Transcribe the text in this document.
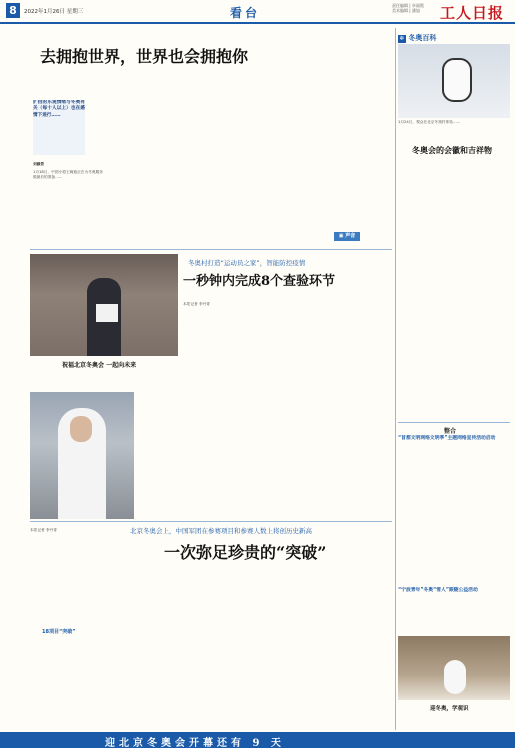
8	2022年1月26日 星期三	看台
责任编辑 | 卓丽霞
美术编辑 | 潘旭 工人日报
去拥抱世界，世界也会拥抱你
扩招的乐观情绪与冬奥有关（每十人以上）也在感情下进行……
刘源依
1月18日，中国小将王婉迪正在为冬奥服务做最后的准备……
▣ 声音
冬奥村打造“运动员之家”，智能防控疫情
一秒钟内完成8个查验环节
祝福北京冬奥会 一起向未来
本报记者 李丹青
北京冬奥会上，中国军团在参赛项目和参赛人数上将创历史新高
一次弥足珍贵的“突破”
本报记者 李丹青
18项目“突破”
❄ 冬奥百科
1月24日，观众在北京冬奥村体验……
冬奥会的会徽和吉祥物
整合
“首都文明网络文明季”主题网络宣传活动启动
“宁波青年”冬奥“雪人”跟随公益活动
迎冬奥，学观识
迎北京冬奥会开幕还有 9 天
